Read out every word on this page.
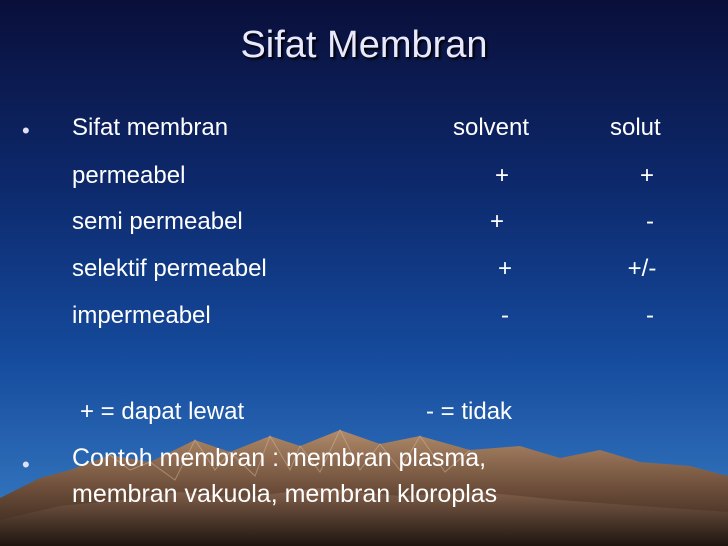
Sifat Membran
• Sifat membran	solvent	solut
permeabel	+	+
semi permeabel	+	-
selektif permeabel	+	+/-
impermeabel	-	-
+ = dapat lewat	- = tidak
• Contoh membran : membran plasma,
membran vakuola, membran kloroplas
